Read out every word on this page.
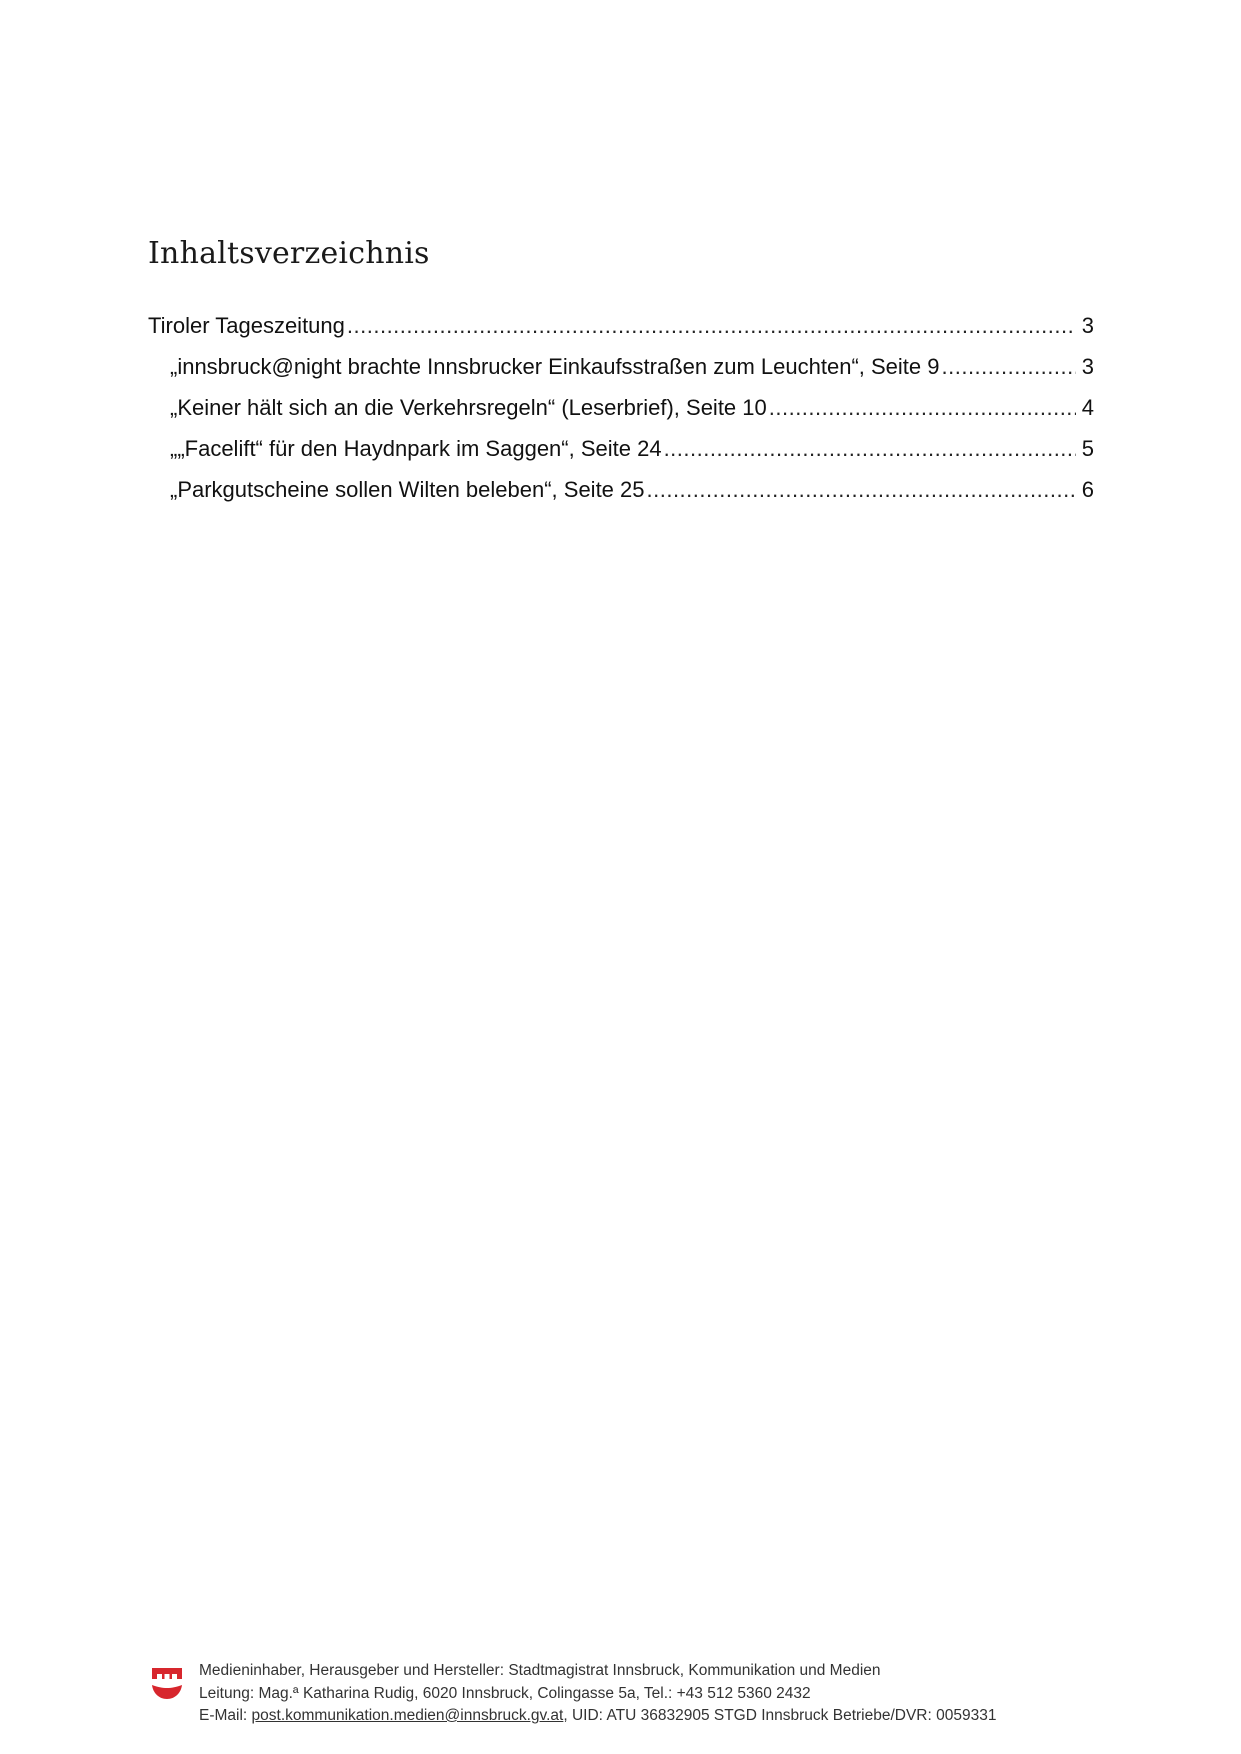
Inhaltsverzeichnis
Tiroler Tageszeitung .....	3
„innsbruck@night brachte Innsbrucker Einkaufsstraßen zum Leuchten“, Seite 9 .....	3
„Keiner hält sich an die Verkehrsregeln“ (Leserbrief), Seite 10 .....	4
„„Facelift“ für den Haydnpark im Saggen“, Seite 24 .....	5
„Parkgutscheine sollen Wilten beleben“, Seite 25 .....	6
Medieninhaber, Herausgeber und Hersteller: Stadtmagistrat Innsbruck, Kommunikation und Medien
Leitung: Mag.ª Katharina Rudig, 6020 Innsbruck, Colingasse 5a, Tel.: +43 512 5360 2432
E-Mail: post.kommunikation.medien@innsbruck.gv.at, UID: ATU 36832905 STGD Innsbruck Betriebe/DVR: 0059331
